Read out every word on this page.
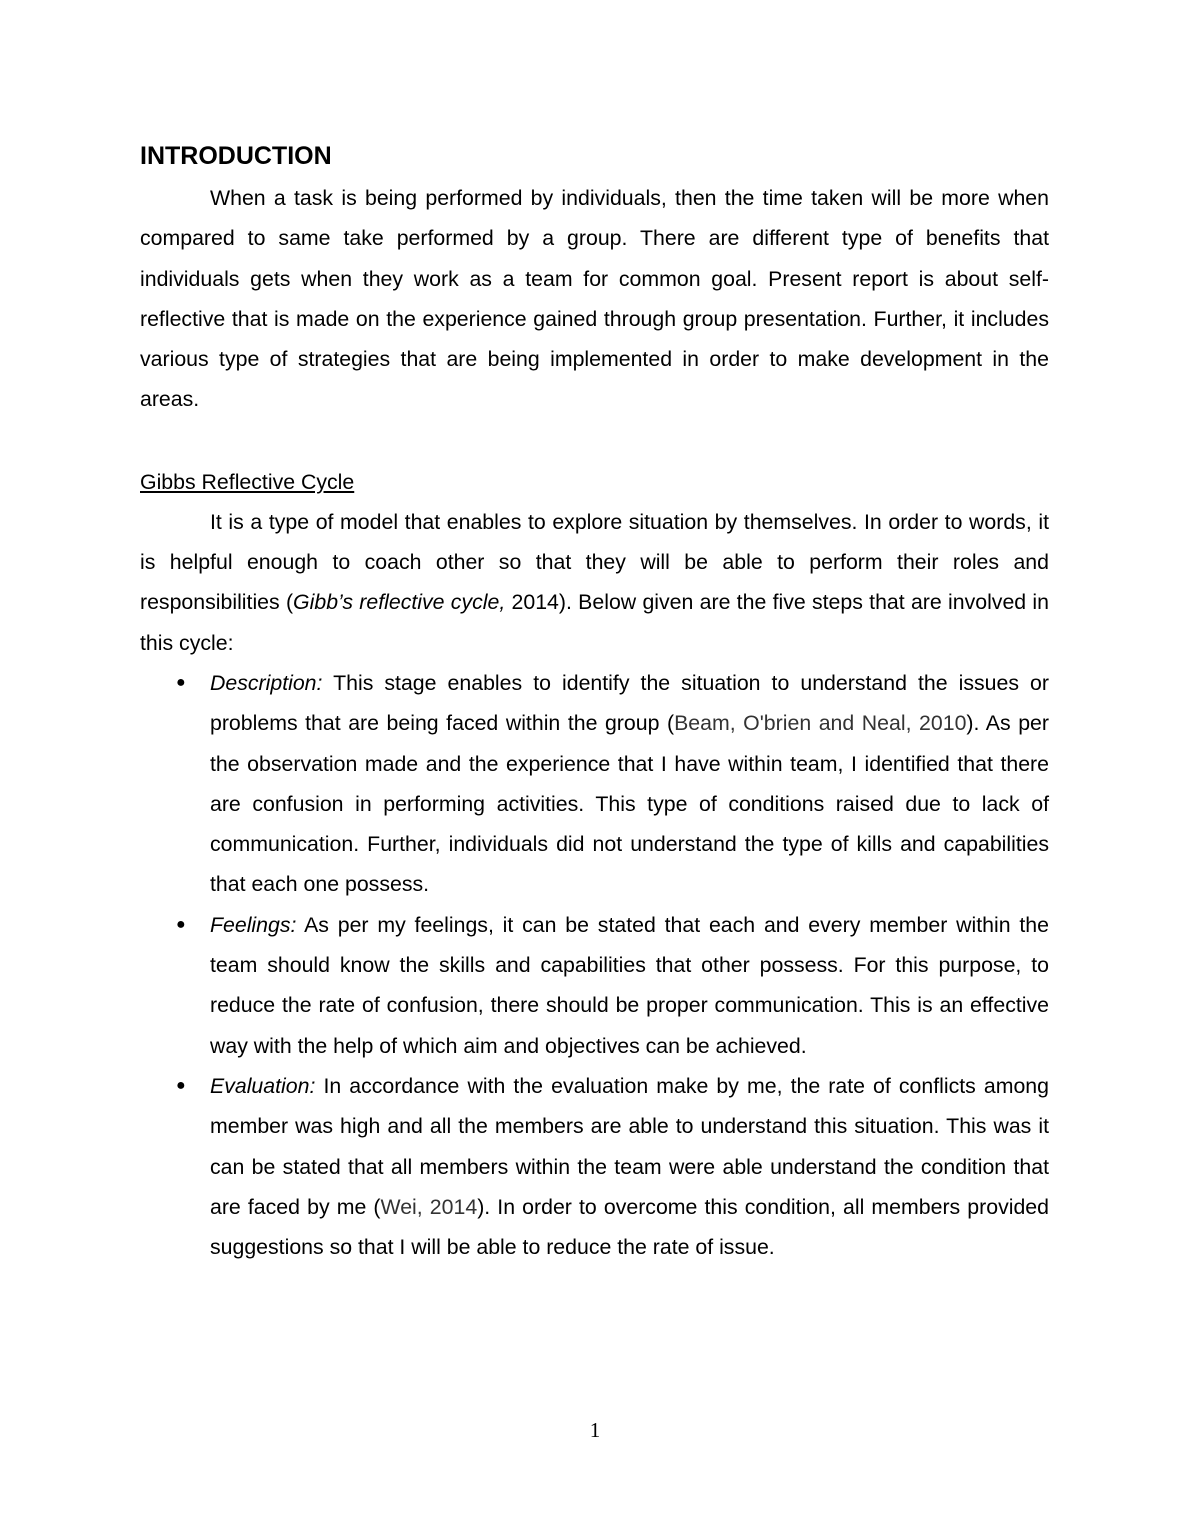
INTRODUCTION

When a task is being performed by individuals, then the time taken will be more when compared to same take performed by a group. There are different type of benefits that individuals gets when they work as a team for common goal. Present report is about self-reflective that is made on the experience gained through group presentation. Further, it includes various type of strategies that are being implemented in order to make development in the areas.

Gibbs Reflective Cycle

It is a type of model that enables to explore situation by themselves. In order to words, it is helpful enough to coach other so that they will be able to perform their roles and responsibilities (Gibb’s reflective cycle, 2014). Below given are the five steps that are involved in this cycle:

● Description: This stage enables to identify the situation to understand the issues or problems that are being faced within the group (Beam, O'brien and Neal, 2010). As per the observation made and the experience that I have within team, I identified that there are confusion in performing activities. This type of conditions raised due to lack of communication. Further, individuals did not understand the type of kills and capabilities that each one possess.
● Feelings: As per my feelings, it can be stated that each and every member within the team should know the skills and capabilities that other possess. For this purpose, to reduce the rate of confusion, there should be proper communication. This is an effective way with the help of which aim and objectives can be achieved.
● Evaluation: In accordance with the evaluation make by me, the rate of conflicts among member was high and all the members are able to understand this situation. This was it can be stated that all members within the team were able understand the condition that are faced by me (Wei, 2014). In order to overcome this condition, all members provided suggestions so that I will be able to reduce the rate of issue.
1
